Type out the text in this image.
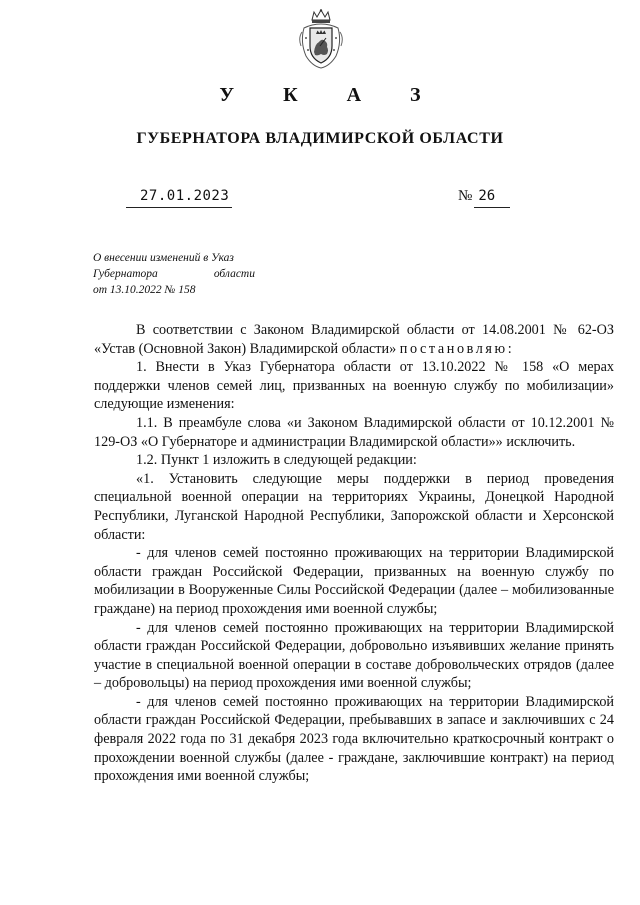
У К А З
ГУБЕРНАТОРА ВЛАДИМИРСКОЙ ОБЛАСТИ
27.01.2023	№ 26
О внесении изменений в Указ
Губернатора	области
от 13.10.2022 № 158

В соответствии с Законом Владимирской области от 14.08.2001 № 62-ОЗ «Устав (Основной Закон) Владимирской области» постановляю:

1. Внести в Указ Губернатора области от 13.10.2022 № 158 «О мерах поддержки членов семей лиц, призванных на военную службу по мобилизации» следующие изменения:

1.1. В преамбуле слова «и Законом Владимирской области от 10.12.2001 № 129-ОЗ «О Губернаторе и администрации Владимирской области»» исключить.

1.2. Пункт 1 изложить в следующей редакции:

«1. Установить следующие меры поддержки в период проведения специальной военной операции на территориях Украины, Донецкой Народной Республики, Луганской Народной Республики, Запорожской области и Херсонской области:

- для членов семей постоянно проживающих на территории Владимирской области граждан Российской Федерации, призванных на военную службу по мобилизации в Вооруженные Силы Российской Федерации (далее – мобилизованные граждане) на период прохождения ими военной службы;

- для членов семей постоянно проживающих на территории Владимирской области граждан Российской Федерации, добровольно изъявивших желание принять участие в специальной военной операции в составе добровольческих отрядов (далее – добровольцы) на период прохождения ими военной службы;

- для членов семей постоянно проживающих на территории Владимирской области граждан Российской Федерации, пребывавших в запасе и заключивших с 24 февраля 2022 года по 31 декабря 2023 года включительно краткосрочный контракт о прохождении военной службы (далее - граждане, заключившие контракт) на период прохождения ими военной службы;
